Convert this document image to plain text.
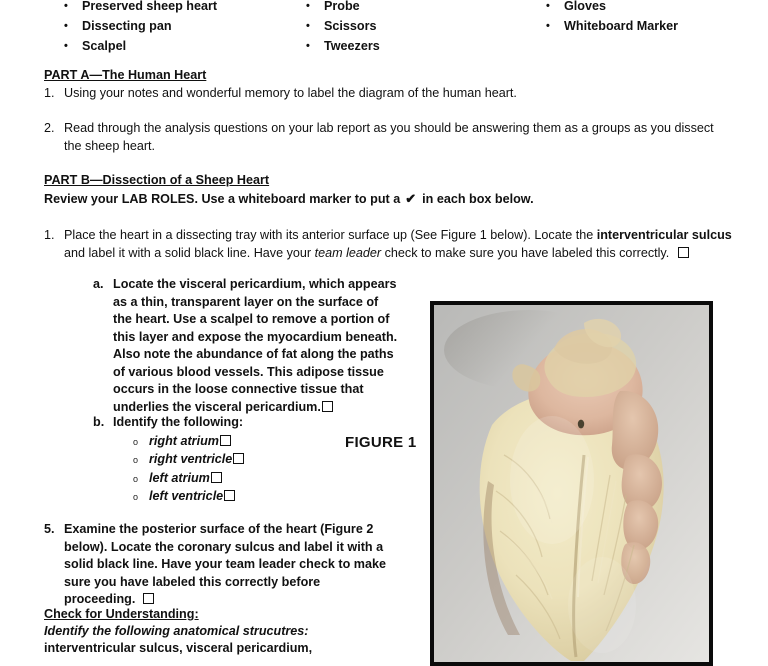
•	Preserved sheep heart
•	Dissecting pan
•	Scalpel
•	Probe
•	Scissors
•	Tweezers
•	Gloves
•	Whiteboard Marker
PART A—The Human Heart
1. Using your notes and wonderful memory to label the diagram of the human heart.
2. Read through the analysis questions on your lab report as you should be answering them as a groups as you dissect the sheep heart.
PART B—Dissection of a Sheep Heart
Review your LAB ROLES. Use a whiteboard marker to put a ✔ in each box below.
1. Place the heart in a dissecting tray with its anterior surface up (See Figure 1 below). Locate the interventricular sulcus and label it with a solid black line. Have your team leader check to make sure you have labeled this correctly.
a. Locate the visceral pericardium, which appears as a thin, transparent layer on the surface of the heart. Use a scalpel to remove a portion of this layer and expose the myocardium beneath. Also note the abundance of fat along the paths of various blood vessels. This adipose tissue occurs in the loose connective tissue that underlies the visceral pericardium.
b. Identify the following:
o right atrium
o right ventricle
o left atrium
o left ventricle
FIGURE 1
5. Examine the posterior surface of the heart (Figure 2 below). Locate the coronary sulcus and label it with a solid black line. Have your team leader check to make sure you have labeled this correctly before proceeding.
Check for Understanding:
Identify the following anatomical strucutres:
interventricular sulcus, visceral pericardium,
